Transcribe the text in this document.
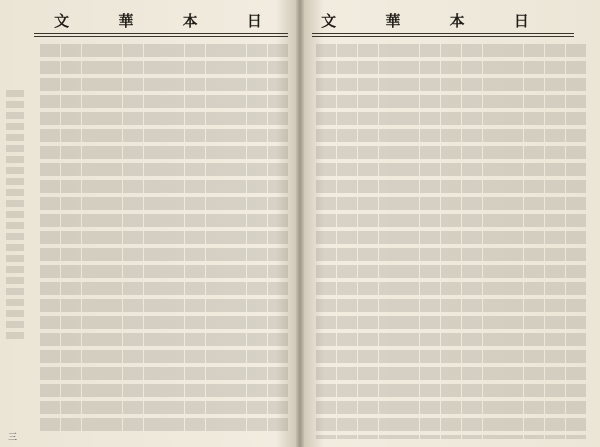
文 華 本 日
三
文 華 本 日
